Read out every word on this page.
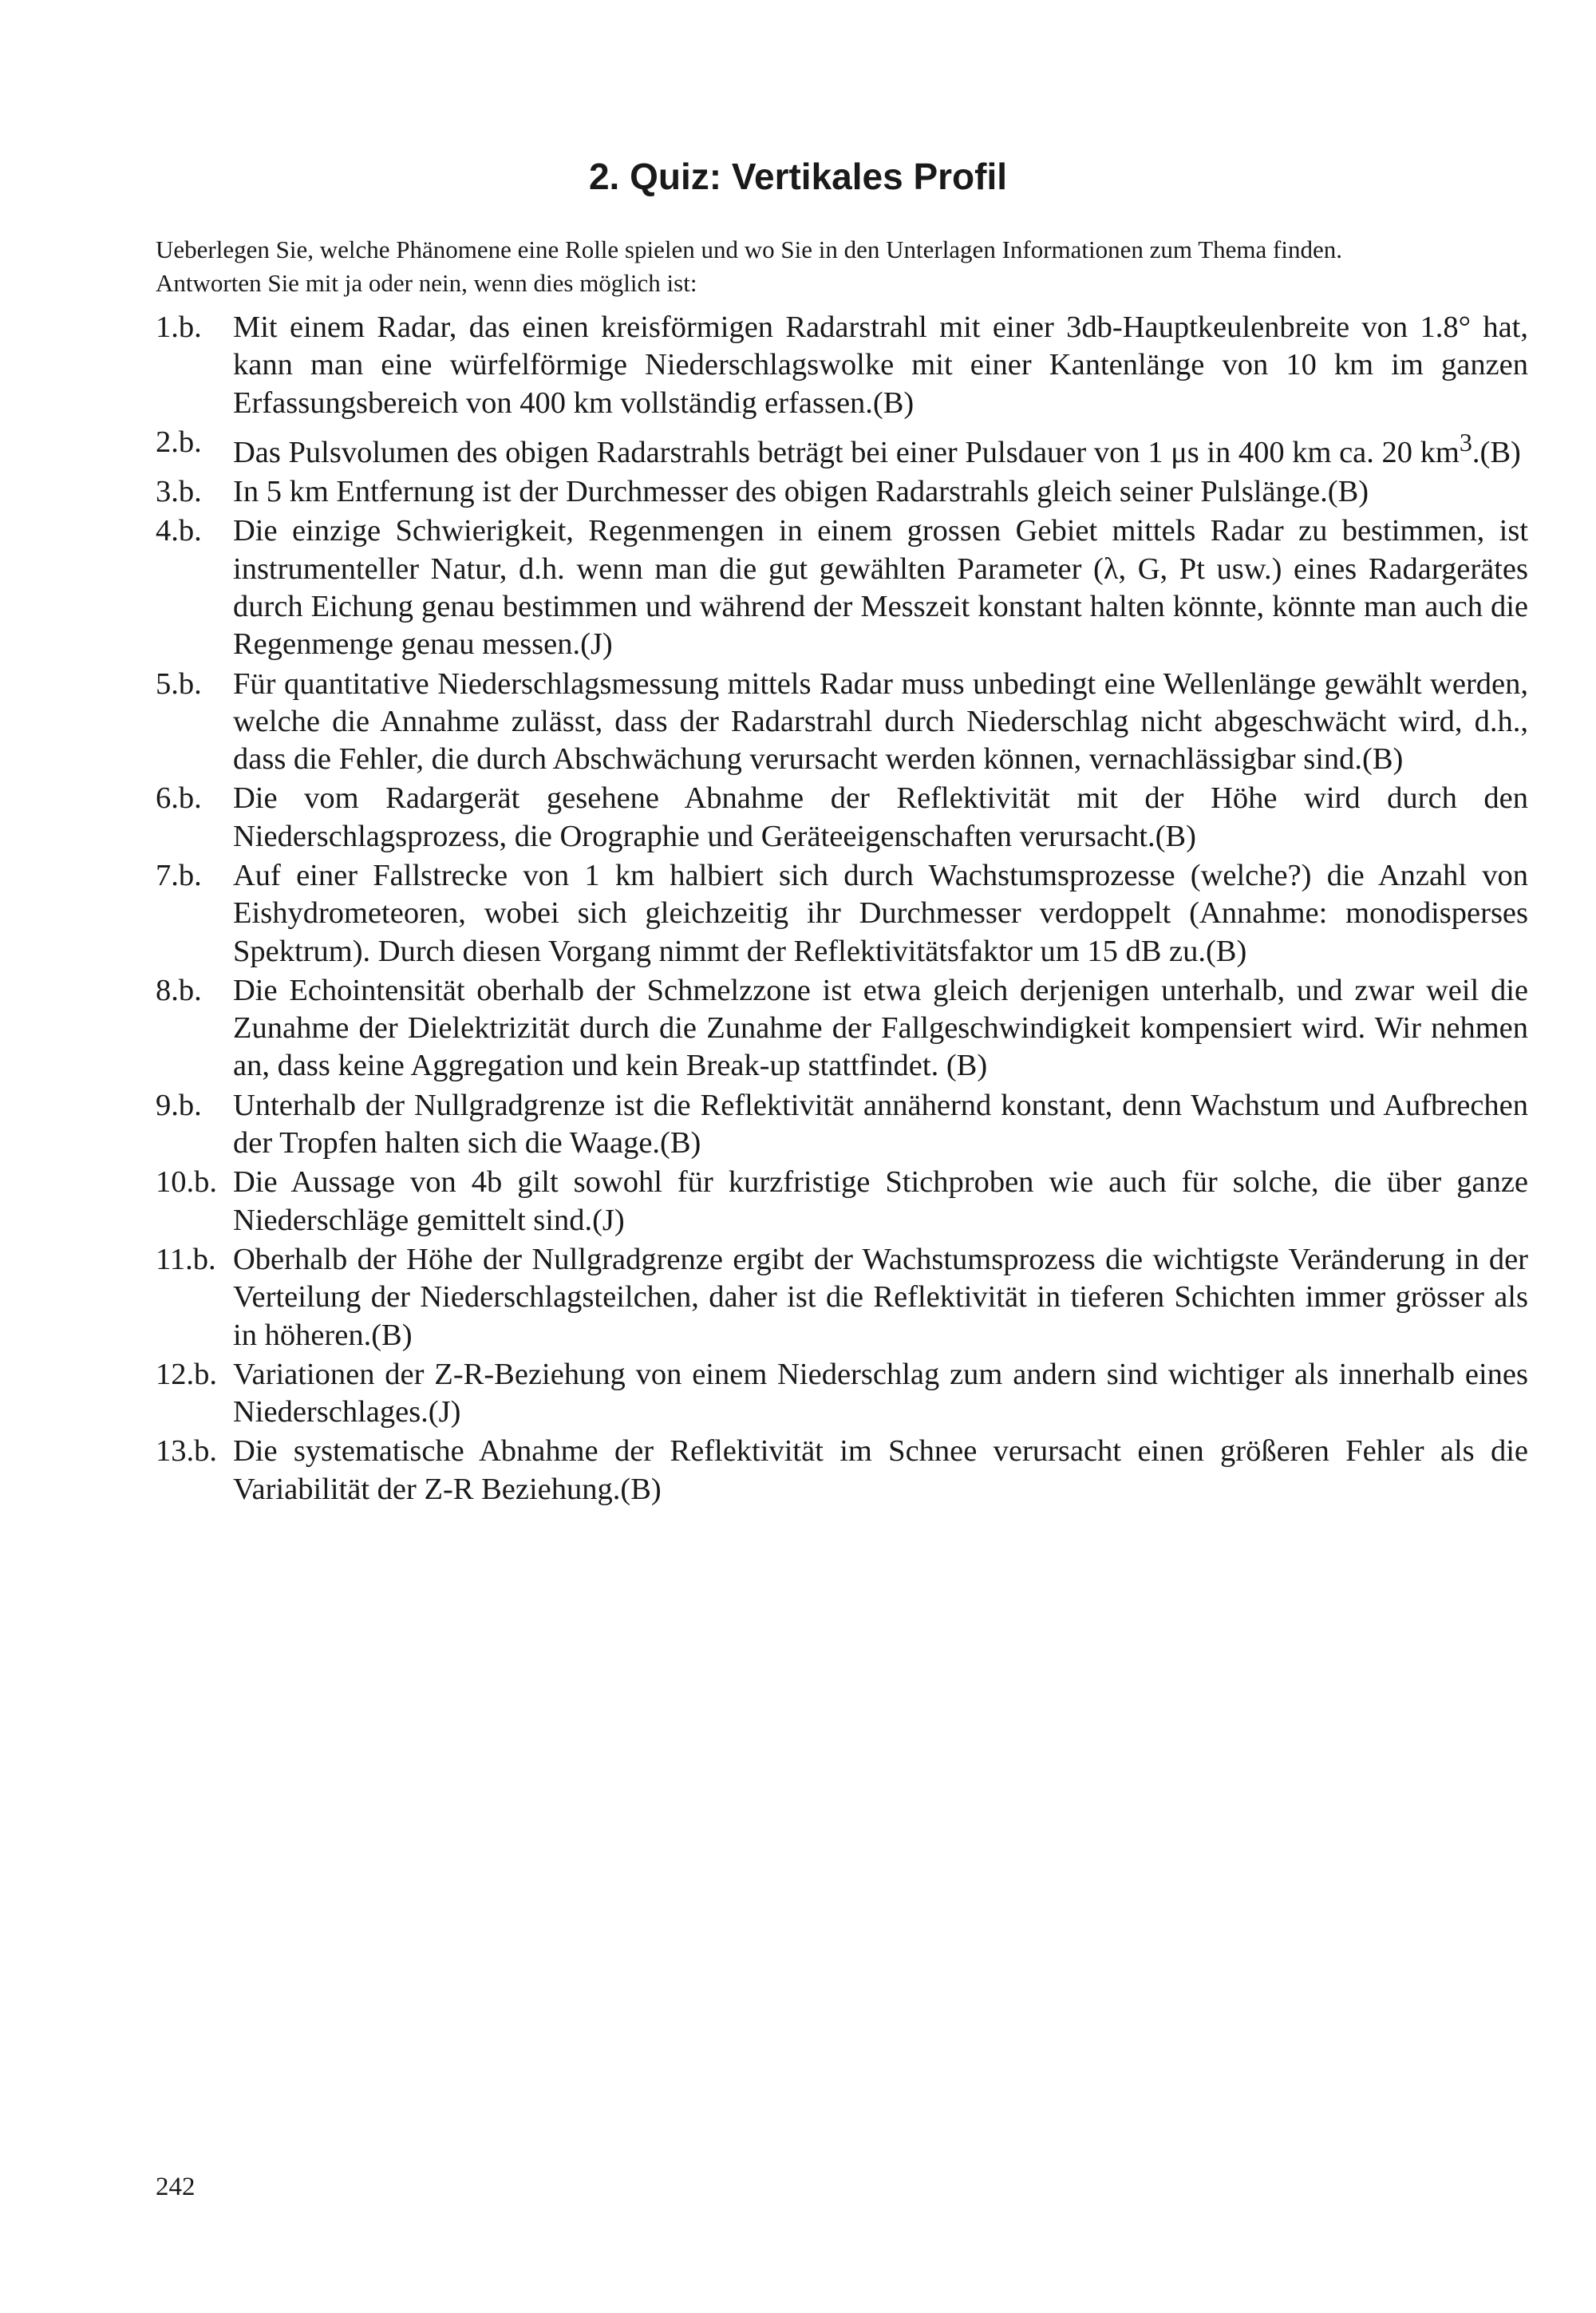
2. Quiz: Vertikales Profil

Ueberlegen Sie, welche Phänomene eine Rolle spielen und wo Sie in den Unterlagen Informationen zum Thema finden.
Antworten Sie mit ja oder nein, wenn dies möglich ist:

1.b. Mit einem Radar, das einen kreisförmigen Radarstrahl mit einer 3db-Hauptkeulenbreite von 1.8° hat, kann man eine würfelförmige Niederschlagswolke mit einer Kantenlänge von 10 km im ganzen Erfassungsbereich von 400 km vollständig erfassen.(B)
2.b. Das Pulsvolumen des obigen Radarstrahls beträgt bei einer Pulsdauer von 1 μs in 400 km ca. 20 $km^3.(B)$
3.b. In 5 km Entfernung ist der Durchmesser des obigen Radarstrahls gleich seiner Pulslänge.(B)
4.b. Die einzige Schwierigkeit, Regenmengen in einem grossen Gebiet mittels Radar zu bestimmen, ist instrumenteller Natur, d.h. wenn man die gut gewählten Parameter (λ, G, Pt usw.) eines Radargerätes durch Eichung genau bestimmen und während der Messzeit konstant halten könnte, könnte man auch die Regenmenge genau messen.(J)
5.b. Für quantitative Niederschlagsmessung mittels Radar muss unbedingt eine Wellenlänge gewählt werden, welche die Annahme zulässt, dass der Radarstrahl durch Niederschlag nicht abgeschwächt wird, d.h., dass die Fehler, die durch Abschwächung verursacht werden können, vernachlässigbar sind.(B)
6.b. Die vom Radargerät gesehene Abnahme der Reflektivität mit der Höhe wird durch den Niederschlagsprozess, die Orographie und Geräteeigenschaften verursacht.(B)
7.b. Auf einer Fallstrecke von 1 km halbiert sich durch Wachstumsprozesse (welche?) die Anzahl von Eishydrometeoren, wobei sich gleichzeitig ihr Durchmesser verdoppelt (Annahme: monodisperses Spektrum). Durch diesen Vorgang nimmt der Reflektivitätsfaktor um 15 dB zu.(B)
8.b. Die Echointensität oberhalb der Schmelzzone ist etwa gleich derjenigen unterhalb, und zwar weil die Zunahme der Dielektrizität durch die Zunahme der Fallgeschwindigkeit kompensiert wird. Wir nehmen an, dass keine Aggregation und kein Break-up stattfindet. (B)
9.b. Unterhalb der Nullgradgrenze ist die Reflektivität annähernd konstant, denn Wachstum und Aufbrechen der Tropfen halten sich die Waage.(B)
10.b. Die Aussage von 4b gilt sowohl für kurzfristige Stichproben wie auch für solche, die über ganze Niederschläge gemittelt sind.(J)
11.b. Oberhalb der Höhe der Nullgradgrenze ergibt der Wachstumsprozess die wichtigste Veränderung in der Verteilung der Niederschlagsteilchen, daher ist die Reflektivität in tieferen Schichten immer grösser als in höheren.(B)
12.b. Variationen der Z-R-Beziehung von einem Niederschlag zum andern sind wichtiger als innerhalb eines Niederschlages.(J)
13.b. Die systematische Abnahme der Reflektivität im Schnee verursacht einen größeren Fehler als die Variabilität der Z-R Beziehung.(B)

242
